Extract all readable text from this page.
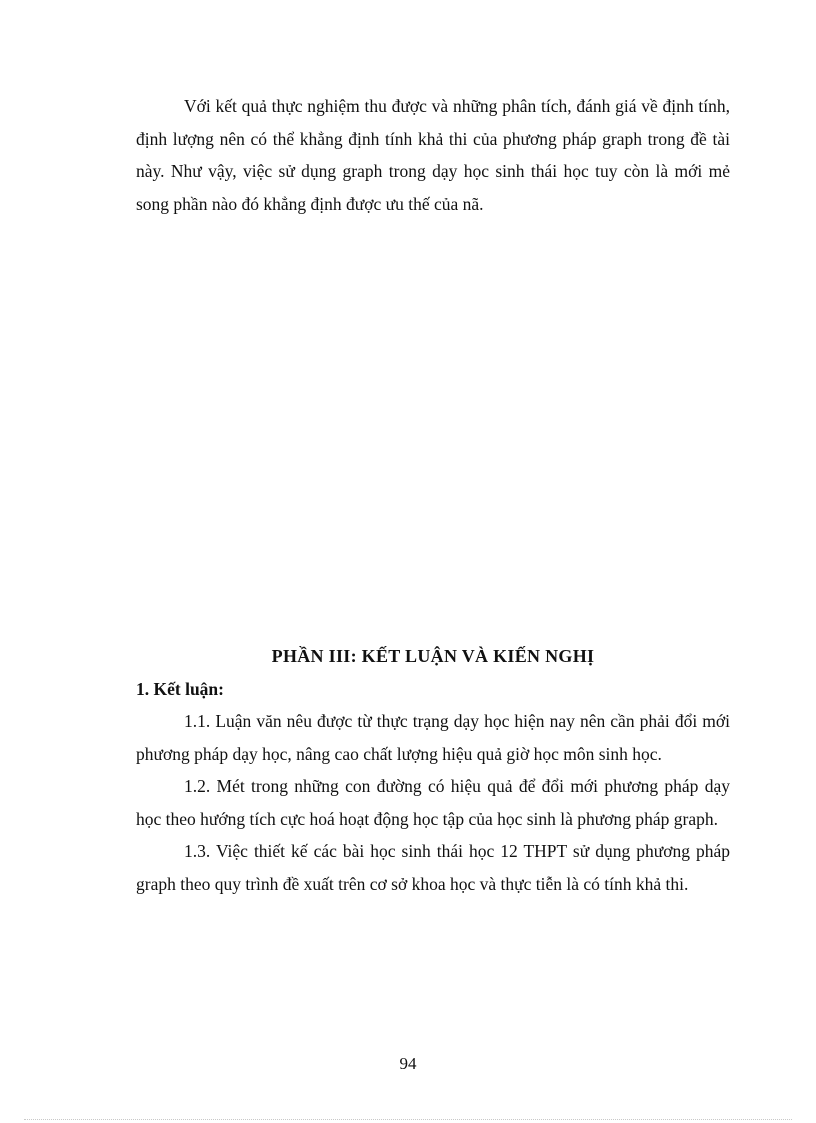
Với kết quả thực nghiệm thu được và những phân tích, đánh giá về định tính, định lượng nên có thể khẳng định tính khả thi của phương pháp graph trong đề tài này. Như vậy, việc sử dụng graph trong dạy học sinh thái học tuy còn là mới mẻ song phần nào đó khẳng định được ưu thế của nã.

PHẦN III: KẾT LUẬN VÀ KIẾN NGHỊ
1. Kết luận:

1.1. Luận văn nêu được từ thực trạng dạy học hiện nay nên cần phải đổi mới phương pháp dạy học, nâng cao chất lượng hiệu quả giờ học môn sinh học.

1.2. Mét trong những con đường có hiệu quả để đổi mới phương pháp dạy học theo hướng tích cực hoá hoạt động học tập của học sinh là phương pháp graph.

1.3. Việc thiết kế các bài học sinh thái học 12 THPT sử dụng phương pháp graph theo quy trình đề xuất trên cơ sở khoa học và thực tiễn là có tính khả thi.

94
